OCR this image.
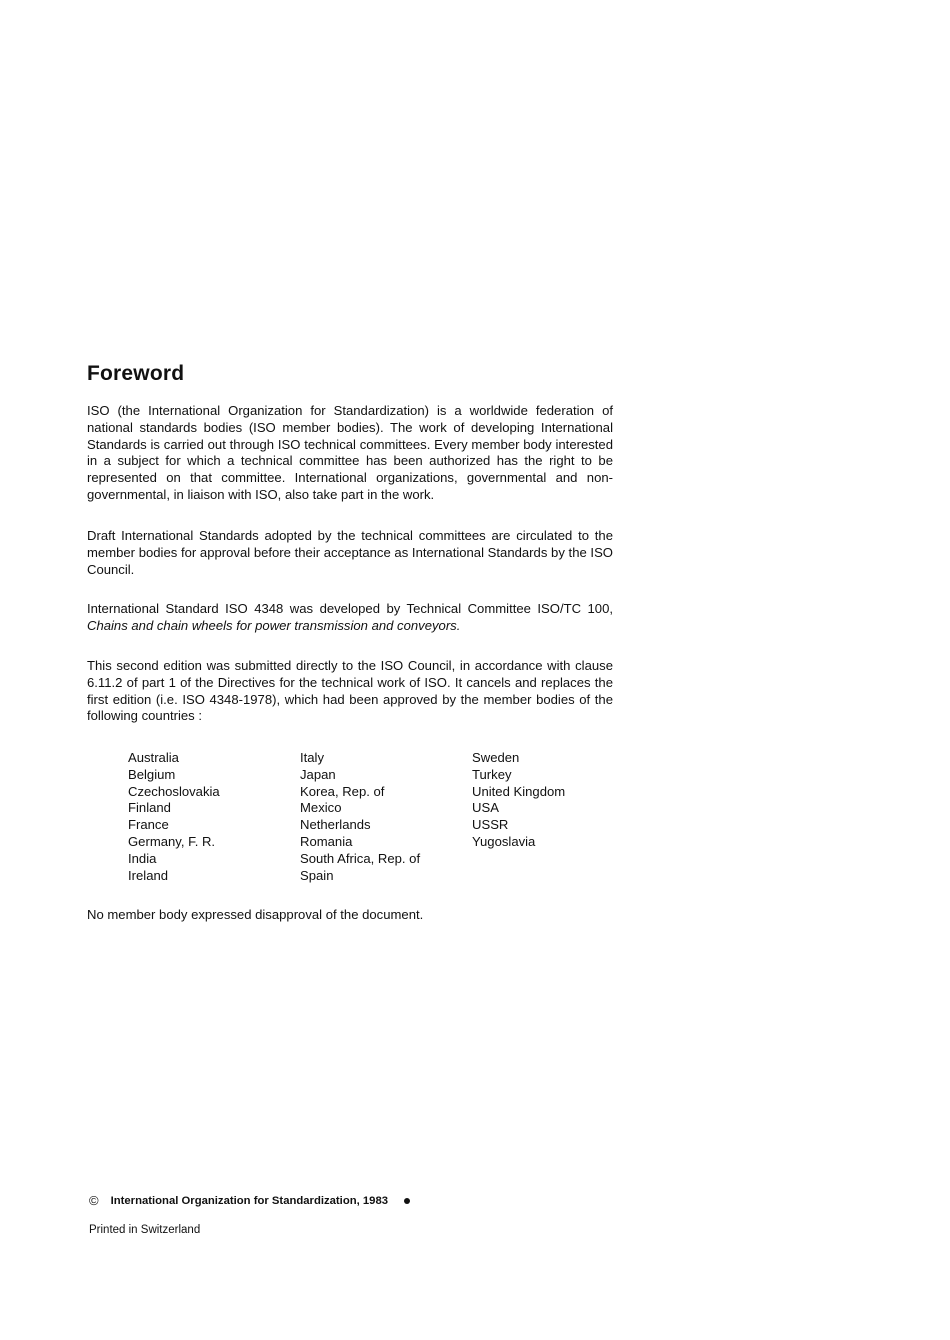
Foreword

ISO (the International Organization for Standardization) is a worldwide federation of national standards bodies (ISO member bodies). The work of developing International Standards is carried out through ISO technical committees. Every member body interested in a subject for which a technical committee has been authorized has the right to be represented on that committee. International organizations, governmental and non-governmental, in liaison with ISO, also take part in the work.

Draft International Standards adopted by the technical committees are circulated to the member bodies for approval before their acceptance as International Standards by the ISO Council.

International Standard ISO 4348 was developed by Technical Committee ISO/TC 100, Chains and chain wheels for power transmission and conveyors.

This second edition was submitted directly to the ISO Council, in accordance with clause 6.11.2 of part 1 of the Directives for the technical work of ISO. It cancels and replaces the first edition (i.e. ISO 4348-1978), which had been approved by the member bodies of the following countries :

Australia
Belgium
Czechoslovakia
Finland
France
Germany, F. R.
India
Ireland
Italy
Japan
Korea, Rep. of
Mexico
Netherlands
Romania
South Africa, Rep. of
Spain
Sweden
Turkey
United Kingdom
USA
USSR
Yugoslavia

No member body expressed disapproval of the document.

© International Organization for Standardization, 1983
Printed in Switzerland
